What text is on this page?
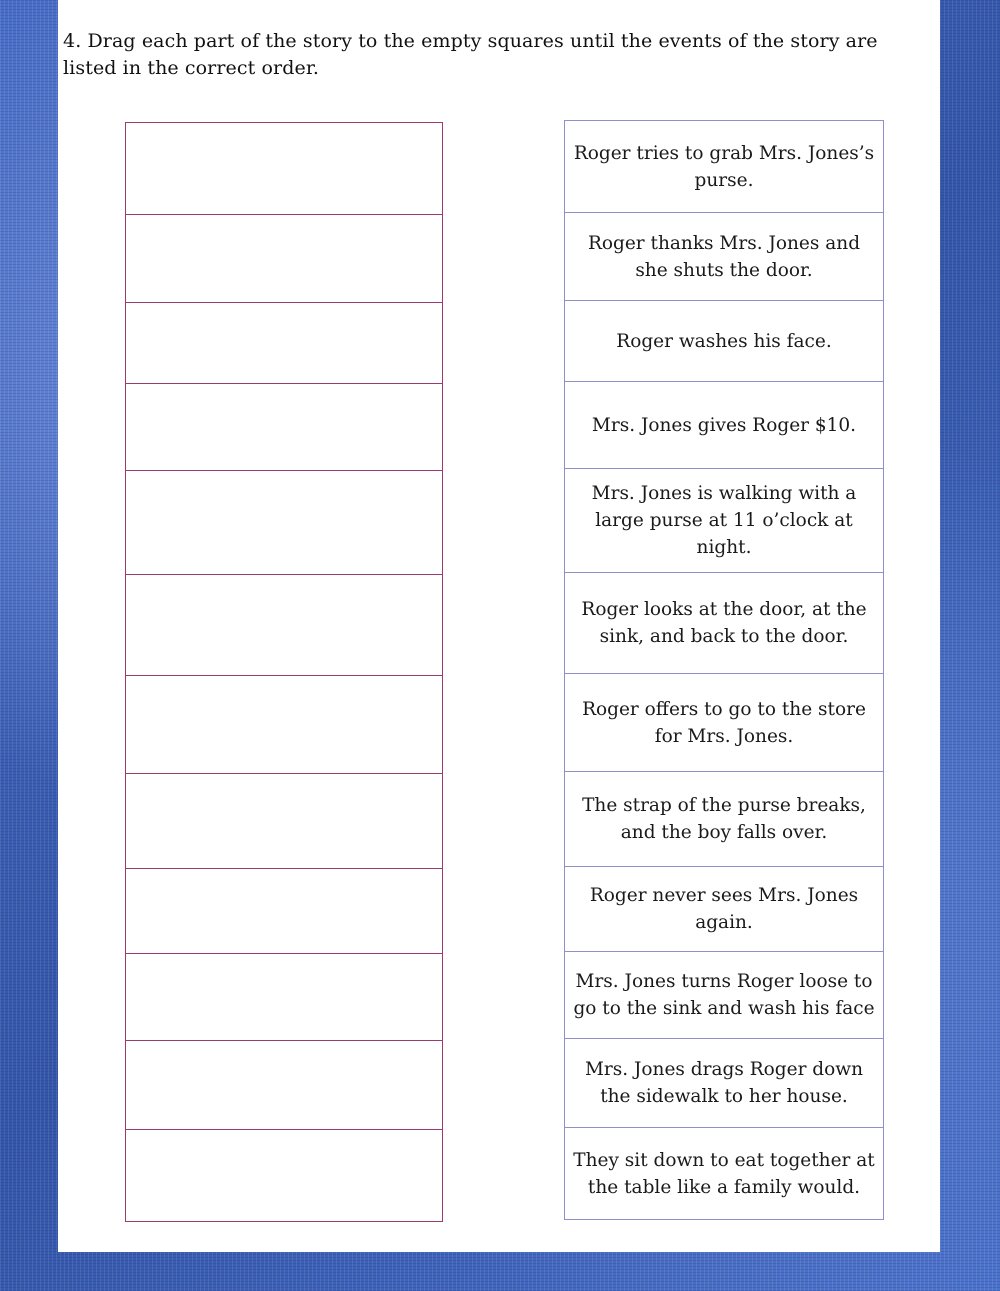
4. Drag each part of the story to the empty squares until the events of the story are listed in the correct order.

Roger tries to grab Mrs. Jones’s purse.
Roger thanks Mrs. Jones and she shuts the door.
Roger washes his face.
Mrs. Jones gives Roger $10.
Mrs. Jones is walking with a large purse at 11 o’clock at night.
Roger looks at the door, at the sink, and back to the door.
Roger offers to go to the store for Mrs. Jones.
The strap of the purse breaks, and the boy falls over.
Roger never sees Mrs. Jones again.
Mrs. Jones turns Roger loose to go to the sink and wash his face
Mrs. Jones drags Roger down the sidewalk to her house.
They sit down to eat together at the table like a family would.
